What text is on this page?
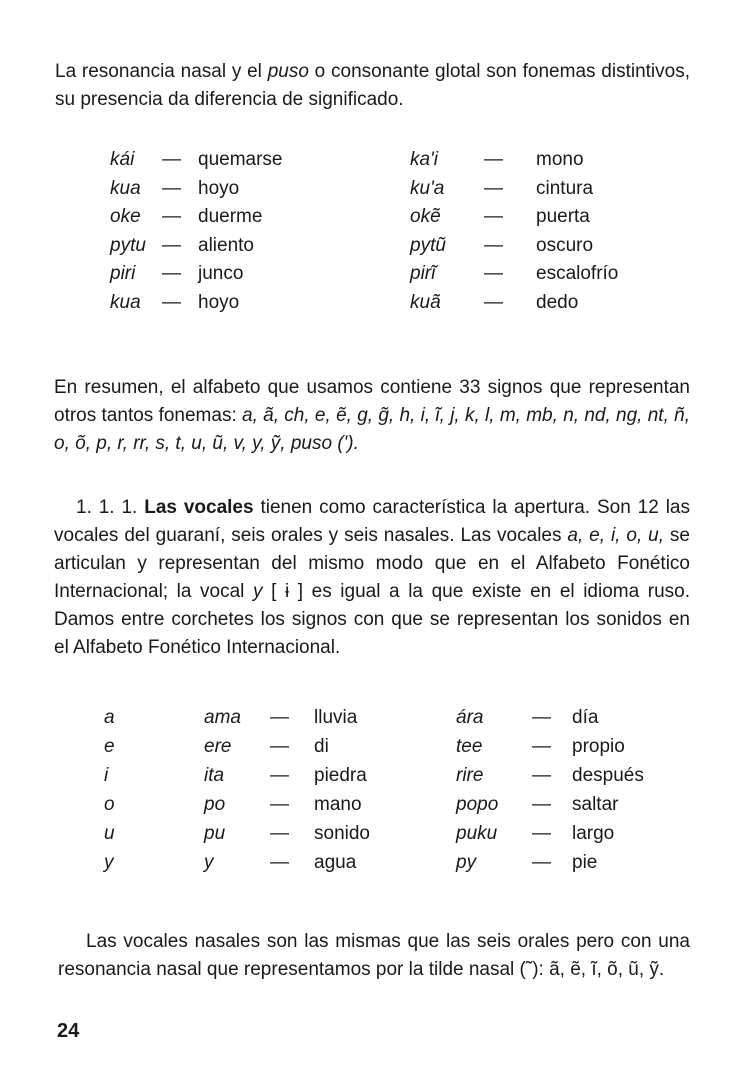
La resonancia nasal y el puso o consonante glotal son fonemas distintivos, su presencia da diferencia de significado.

kái — quemarse	ka'i — mono
kua — hoyo	ku'a — cintura
oke — duerme	okẽ — puerta
pytu — aliento	pytũ — oscuro
piri — junco	pirĩ	— escalofrío
kua — hoyo	kuã — dedo

En resumen, el alfabeto que usamos contiene 33 signos que representan otros tantos fonemas: a, ã, ch, e, ẽ, g, g̃, h, i, ĩ, j, k, l, m, mb, n, nd, ng, nt, ñ, o, õ, p, r, rr, s, t, u, ũ, v, y, ỹ, puso (').

1. 1. 1. Las vocales tienen como característica la apertura. Son 12 las vocales del guaraní, seis orales y seis nasales. Las vocales a, e, i, o, u, se articulan y representan del mismo modo que en el Alfabeto Fonético Internacional; la vocal y [ ɨ ] es igual a la que existe en el idioma ruso. Damos entre corchetes los signos con que se representan los sonidos en el Alfabeto Fonético Internacional.

a	ama — lluvia	ára	— día
e	ere — di	tee	— propio
i	ita — piedra	rire	— después
o	po — mano	popo — saltar
u	pu — sonido	puku — largo
y	y	— agua	py	— pie

Las vocales nasales son las mismas que las seis orales pero con una resonancia nasal que representamos por la tilde nasal (˜): ã, ẽ, ĩ, õ, ũ, ỹ.

24
